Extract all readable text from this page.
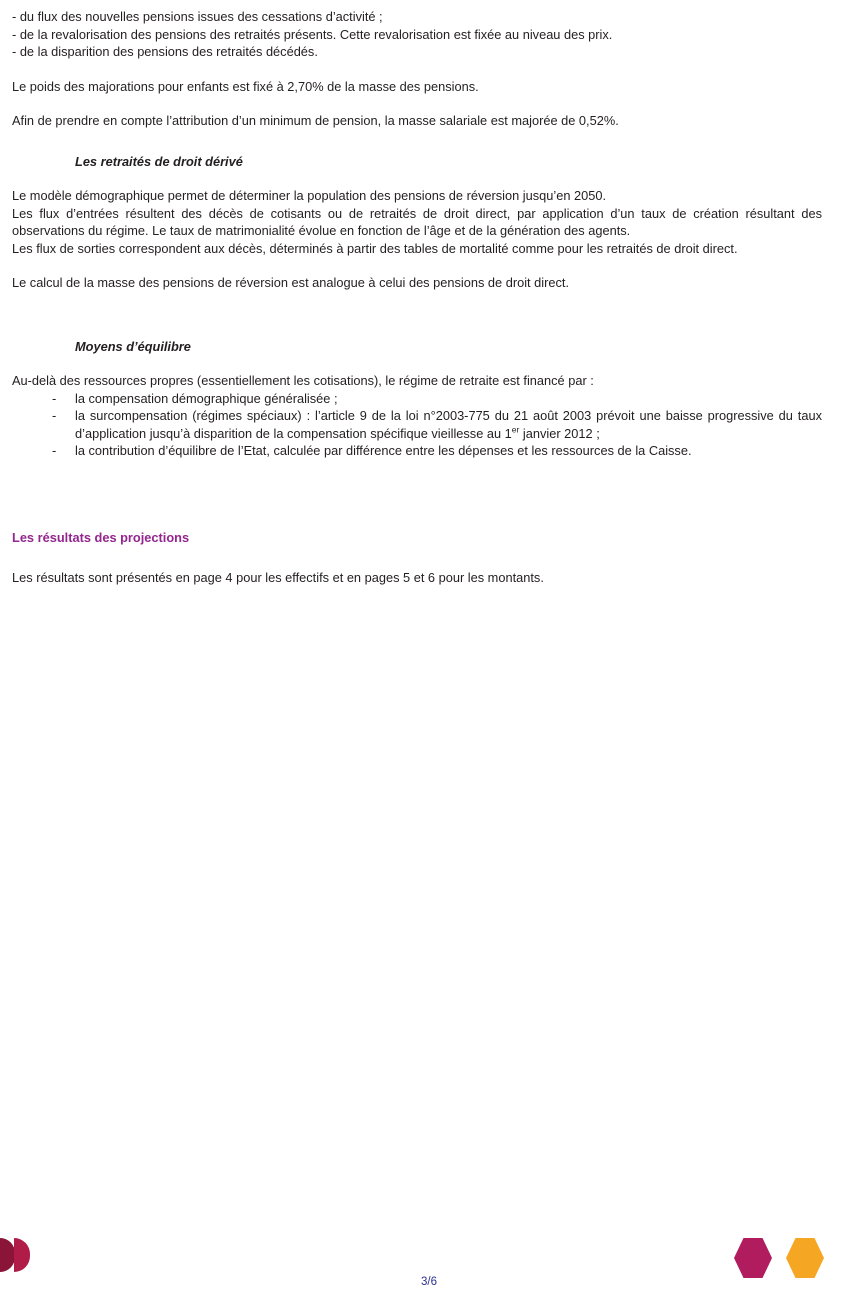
- du flux des nouvelles pensions issues des cessations d’activité ;

- de la revalorisation des pensions des retraités présents. Cette revalorisation est fixée au niveau des prix.

- de la disparition des pensions des retraités décédés.

Le poids des majorations pour enfants est fixé à 2,70% de la masse des pensions.

Afin de prendre en compte l’attribution d’un minimum de pension, la masse salariale est majorée de 0,52%.

Les retraités de droit dérivé

Le modèle démographique permet de déterminer la population des pensions de réversion jusqu’en 2050.

Les flux d’entrées résultent des décès de cotisants ou de retraités de droit direct, par application d’un taux de création résultant des observations du régime. Le taux de matrimonialité évolue en fonction de l’âge et de la génération des agents.

Les flux de sorties correspondent aux décès, déterminés à partir des tables de mortalité comme pour les retraités de droit direct.

Le calcul de la masse des pensions de réversion est analogue à celui des pensions de droit direct.

Moyens d’équilibre

Au-delà des ressources propres (essentiellement les cotisations), le régime de retraite est financé par :

- la compensation démographique généralisée ;
- la surcompensation (régimes spéciaux) : l’article 9 de la loi n°2003-775 du 21 août 2003 prévoit une baisse progressive du taux d’application jusqu’à disparition de la compensation spécifique vieillesse au 1er janvier 2012 ;
- la contribution d’équilibre de l’Etat, calculée par différence entre les dépenses et les ressources de la Caisse.

Les résultats des projections

Les résultats sont présentés en page 4 pour les effectifs et en pages 5 et 6 pour les montants.

3/6
